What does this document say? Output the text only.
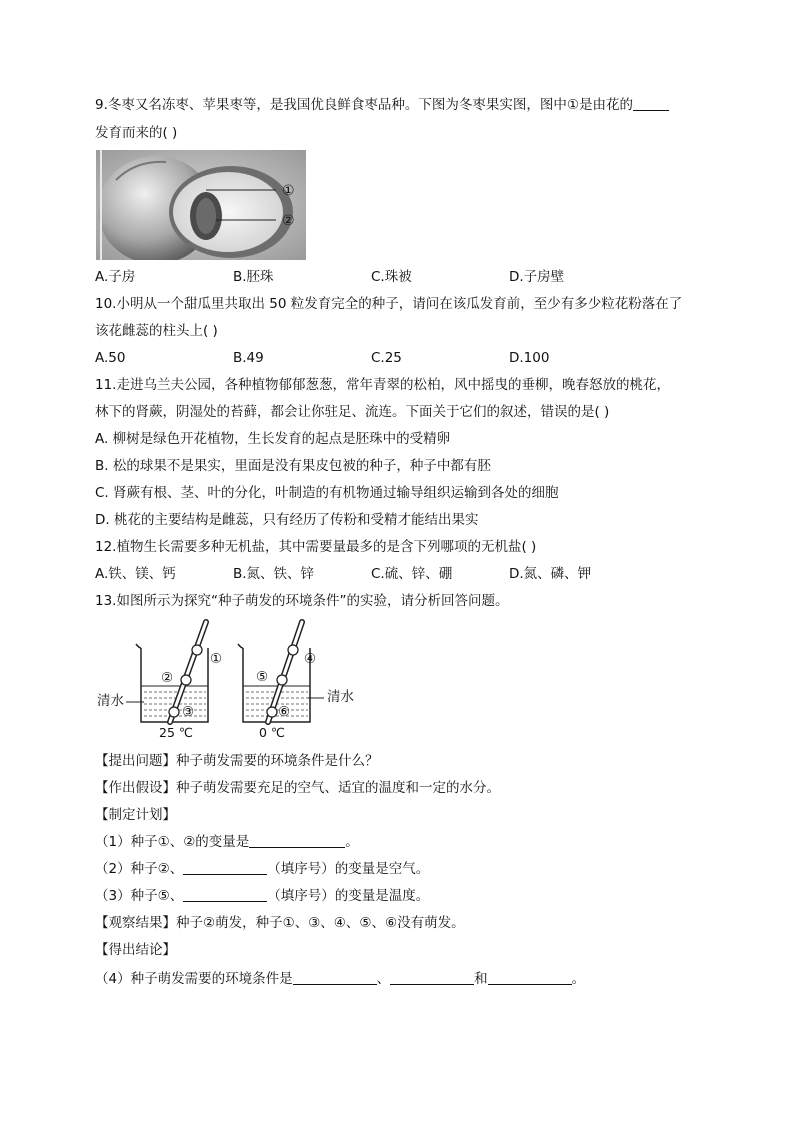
9.冬枣又名冻枣、苹果枣等，是我国优良鲜食枣品种。下图为冬枣果实图，图中①是由花的
发育而来的( )
①
②
A.子房	B.胚珠	C.珠被	D.子房壁
10.小明从一个甜瓜里共取出 50 粒发育完全的种子，请问在该瓜发育前，至少有多少粒花粉落在了
该花雌蕊的柱头上( )
A.50	B.49	C.25	D.100
11.走进乌兰夫公园，各种植物郁郁葱葱，常年青翠的松柏，风中摇曳的垂柳，晚春怒放的桃花，
林下的肾蕨，阴湿处的苔藓，都会让你驻足、流连。下面关于它们的叙述，错误的是( )
A. 柳树是绿色开花植物，生长发育的起点是胚珠中的受精卵
B. 松的球果不是果实，里面是没有果皮包被的种子，种子中都有胚
C. 肾蕨有根、茎、叶的分化，叶制造的有机物通过输导组织运输到各处的细胞
D. 桃花的主要结构是雌蕊，只有经历了传粉和受精才能结出果实
12.植物生长需要多种无机盐，其中需要量最多的是含下列哪项的无机盐( )
A.铁、镁、钙	B.氮、铁、锌	C.硫、锌、硼	D.氮、磷、钾
13.如图所示为探究“种子萌发的环境条件”的实验，请分析回答问题。
清水	清水
25 ℃	0 ℃
①
②
③
④
⑤
⑥
【提出问题】种子萌发需要的环境条件是什么？
【作出假设】种子萌发需要充足的空气、适宜的温度和一定的水分。
【制定计划】
（1）种子①、②的变量是	。
（2）种子②、	（填序号）的变量是空气。
（3）种子⑤、	（填序号）的变量是温度。
【观察结果】种子②萌发，种子①、③、④、⑤、⑥没有萌发。
【得出结论】
（4）种子萌发需要的环境条件是	、	和	。
